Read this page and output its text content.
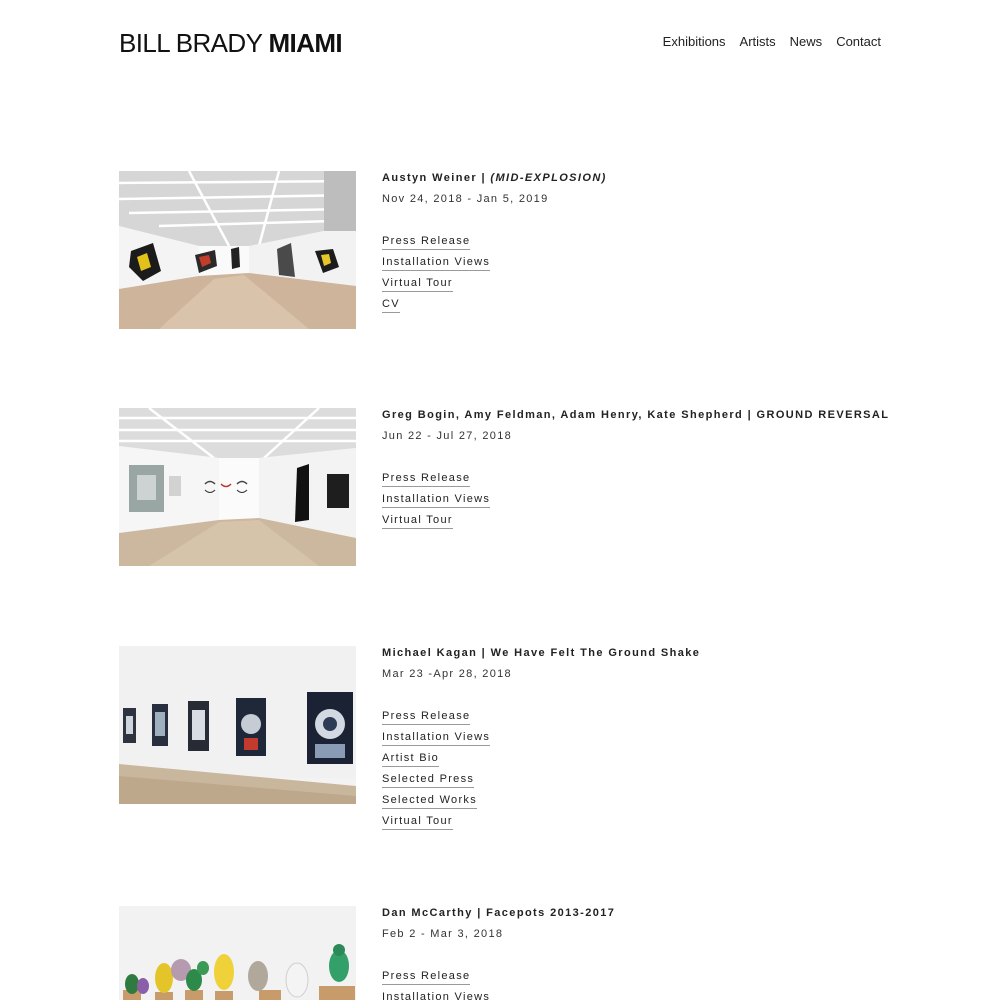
BILL BRADY MIAMI	Exhibitions Artists News Contact
Austyn Weiner | (MID-EXPLOSION)
Nov 24, 2018 - Jan 5, 2019
Press Release
Installation Views
Virtual Tour
CV
Greg Bogin, Amy Feldman, Adam Henry, Kate Shepherd | GROUND REVERSAL
Jun 22 - Jul 27, 2018
Press Release
Installation Views
Virtual Tour
Michael Kagan | We Have Felt The Ground Shake
Mar 23 -Apr 28, 2018
Press Release
Installation Views
Artist Bio
Selected Press
Selected Works
Virtual Tour
Dan McCarthy | Facepots 2013-2017
Feb 2 - Mar 3, 2018
Press Release
Installation Views
